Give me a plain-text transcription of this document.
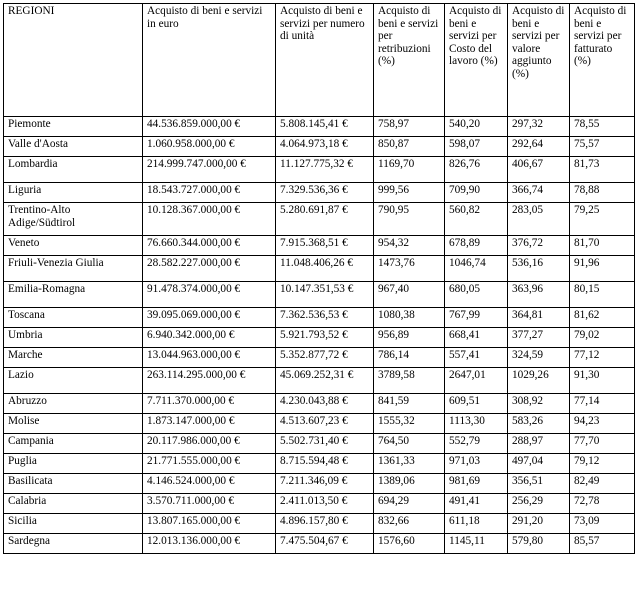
REGIONI	Acquisto di beni e servizi in euro	Acquisto di beni e servizi per numero di unità	Acquisto di beni e servizi per retribuzioni (%)	Acquisto di beni e servizi per Costo del lavoro (%)	Acquisto di beni e servizi per valore aggiunto (%)	Acquisto di beni e servizi per fatturato (%)
Piemonte	44.536.859.000,00 €	5.808.145,41 €	758,97	540,20	297,32	78,55
Valle d'Aosta	1.060.958.000,00 €	4.064.973,18 €	850,87	598,07	292,64	75,57
Lombardia	214.999.747.000,00 €	11.127.775,32 €	1169,70	826,76	406,67	81,73
Liguria	18.543.727.000,00 €	7.329.536,36 €	999,56	709,90	366,74	78,88
Trentino-Alto Adige/Südtirol	10.128.367.000,00 €	5.280.691,87 €	790,95	560,82	283,05	79,25
Veneto	76.660.344.000,00 €	7.915.368,51 €	954,32	678,89	376,72	81,70
Friuli-Venezia Giulia	28.582.227.000,00 €	11.048.406,26 €	1473,76	1046,74	536,16	91,96
Emilia-Romagna	91.478.374.000,00 €	10.147.351,53 €	967,40	680,05	363,96	80,15
Toscana	39.095.069.000,00 €	7.362.536,53 €	1080,38	767,99	364,81	81,62
Umbria	6.940.342.000,00 €	5.921.793,52 €	956,89	668,41	377,27	79,02
Marche	13.044.963.000,00 €	5.352.877,72 €	786,14	557,41	324,59	77,12
Lazio	263.114.295.000,00 €	45.069.252,31 €	3789,58	2647,01	1029,26	91,30
Abruzzo	7.711.370.000,00 €	4.230.043,88 €	841,59	609,51	308,92	77,14
Molise	1.873.147.000,00 €	4.513.607,23 €	1555,32	1113,30	583,26	94,23
Campania	20.117.986.000,00 €	5.502.731,40 €	764,50	552,79	288,97	77,70
Puglia	21.771.555.000,00 €	8.715.594,48 €	1361,33	971,03	497,04	79,12
Basilicata	4.146.524.000,00 €	7.211.346,09 €	1389,06	981,69	356,51	82,49
Calabria	3.570.711.000,00 €	2.411.013,50 €	694,29	491,41	256,29	72,78
Sicilia	13.807.165.000,00 €	4.896.157,80 €	832,66	611,18	291,20	73,09
Sardegna	12.013.136.000,00 €	7.475.504,67 €	1576,60	1145,11	579,80	85,57
